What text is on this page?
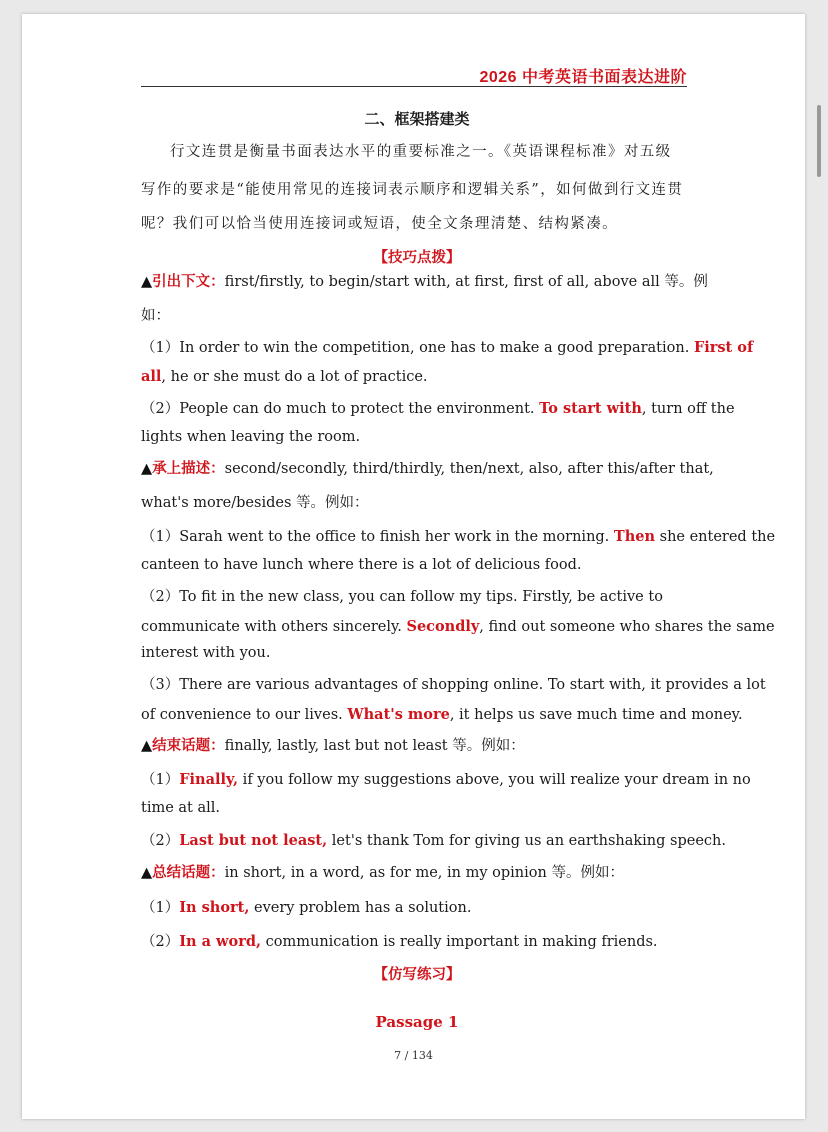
2026 中考英语书面表达进阶
二、框架搭建类
行文连贯是衡量书面表达水平的重要标准之一。《英语课程标准》对五级
写作的要求是“能使用常见的连接词表示顺序和逻辑关系”，如何做到行文连贯
呢？我们可以恰当使用连接词或短语，使全文条理清楚、结构紧凑。
【技巧点拨】
▲引出下文：first/firstly, to begin/start with, at first, first of all, above all 等。例
如：
（1）In order to win the competition, one has to make a good preparation. First of
all, he or she must do a lot of practice.
（2）People can do much to protect the environment. To start with, turn off the
lights when leaving the room.
▲承上描述：second/secondly, third/thirdly, then/next, also, after this/after that,
what's more/besides 等。例如：
（1）Sarah went to the office to finish her work in the morning. Then she entered the
canteen to have lunch where there is a lot of delicious food.
（2）To fit in the new class, you can follow my tips. Firstly, be active to
communicate with others sincerely. Secondly, find out someone who shares the same
interest with you.
（3）There are various advantages of shopping online. To start with, it provides a lot
of convenience to our lives. What's more, it helps us save much time and money.
▲结束话题：finally, lastly, last but not least 等。例如：
（1）Finally, if you follow my suggestions above, you will realize your dream in no
time at all.
（2）Last but not least, let's thank Tom for giving us an earthshaking speech.
▲总结话题：in short, in a word, as for me, in my opinion 等。例如：
（1）In short, every problem has a solution.
（2）In a word, communication is really important in making friends.
【仿写练习】
Passage 1
7 / 134
